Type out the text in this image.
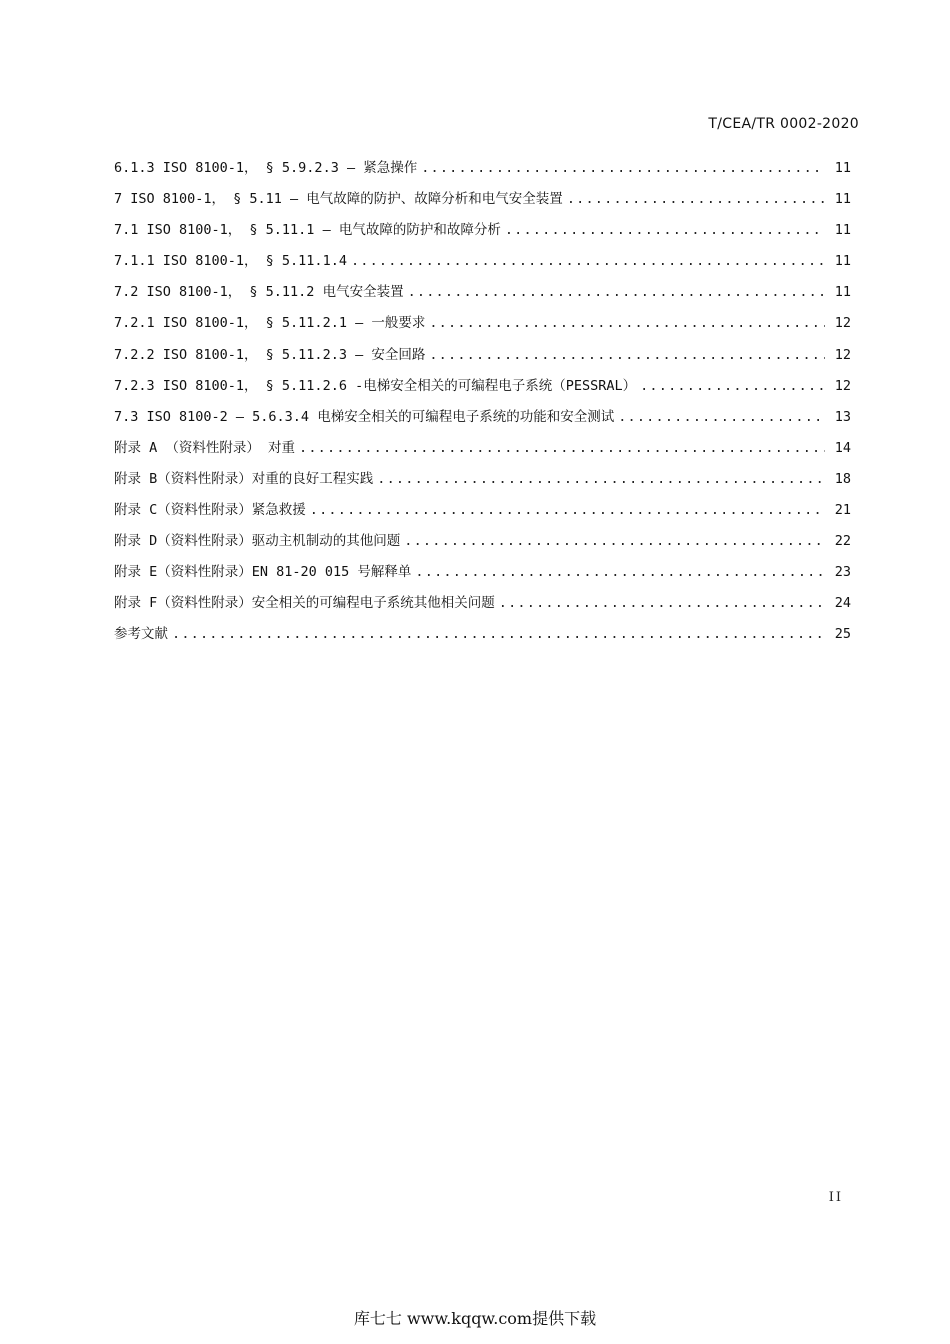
T/CEA/TR 0002-2020
6.1.3 ISO 8100-1， § 5.9.2.3 – 紧急操作 .....	11
7 ISO 8100-1， § 5.11 – 电气故障的防护、故障分析和电气安全装置 .....	11
7.1 ISO 8100-1， § 5.11.1 – 电气故障的防护和故障分析 .....	11
7.1.1 ISO 8100-1， § 5.11.1.4 .....	11
7.2 ISO 8100-1， § 5.11.2 电气安全装置 .....	11
7.2.1 ISO 8100-1， § 5.11.2.1 – 一般要求 .....	12
7.2.2 ISO 8100-1， § 5.11.2.3 – 安全回路 .....	12
7.2.3 ISO 8100-1， § 5.11.2.6 -电梯安全相关的可编程电子系统（PESSRAL） .....	12
7.3 ISO 8100-2 – 5.6.3.4 电梯安全相关的可编程电子系统的功能和安全测试 .....	13
附录 A （资料性附录） 对重 .....	14
附录 B（资料性附录）对重的良好工程实践 .....	18
附录 C（资料性附录）紧急救援 .....	21
附录 D（资料性附录）驱动主机制动的其他问题 .....	22
附录 E（资料性附录）EN 81-20 015 号解释单 .....	23
附录 F（资料性附录）安全相关的可编程电子系统其他相关问题 .....	24
参考文献 .....	25
II
库七七 www.kqqw.com提供下载
